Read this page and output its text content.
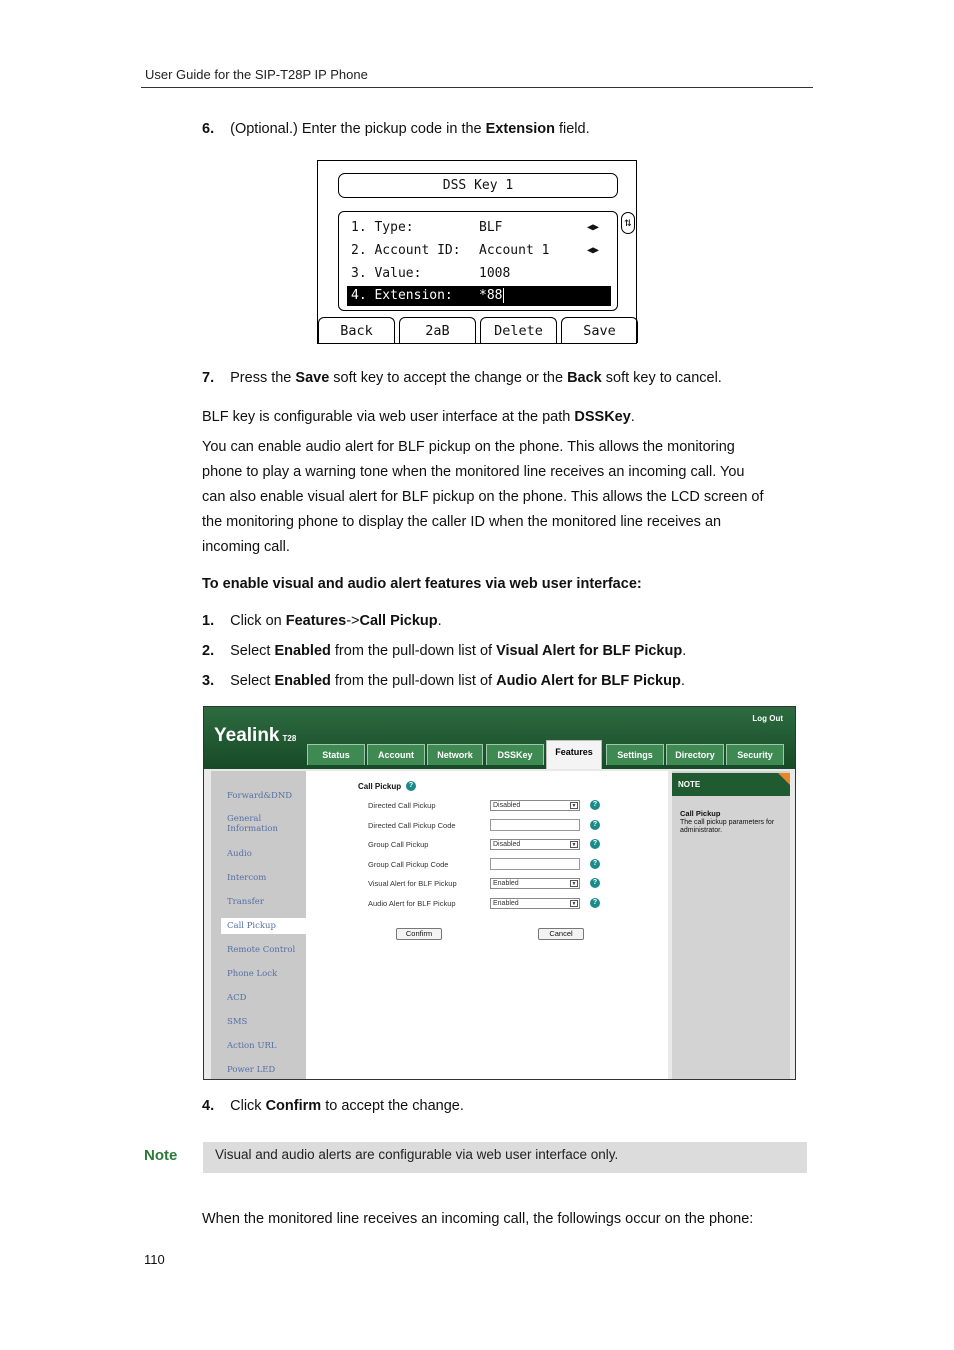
User Guide for the SIP-T28P IP Phone
6. (Optional.) Enter the pickup code in the Extension field.
DSS Key 1
1. Type:	BLF	◀▶
2. Account ID: Account 1	◀▶
3. Value:	1008
4. Extension: *88
⇅
Back	2aB	Delete	Save
7. Press the Save soft key to accept the change or the Back soft key to cancel.
BLF key is configurable via web user interface at the path DSSKey.
You can enable audio alert for BLF pickup on the phone. This allows the monitoring
phone to play a warning tone when the monitored line receives an incoming call. You
can also enable visual alert for BLF pickup on the phone. This allows the LCD screen of
the monitoring phone to display the caller ID when the monitored line receives an
incoming call.
To enable visual and audio alert features via web user interface:
1. Click on Features->Call Pickup.
2. Select Enabled from the pull-down list of Visual Alert for BLF Pickup.
3. Select Enabled from the pull-down list of Audio Alert for BLF Pickup.
Yealink T28
Log Out
Status	Account	Network	DSSKey	Features	Settings	Directory	Security
Forward&DND
General Information
Audio
Intercom
Transfer
Call Pickup
Remote Control
Phone Lock
ACD
SMS
Action URL
Power LED
Call Pickup	?
Directed Call Pickup	Disabled	▼	?
Directed Call Pickup Code	?
Group Call Pickup	Disabled	▼	?
Group Call Pickup Code	?
Visual Alert for BLF Pickup	Enabled	▼	?
Audio Alert for BLF Pickup	Enabled	▼	?
Confirm	Cancel
NOTE
Call Pickup
The call pickup parameters for administrator.
4. Click Confirm to accept the change.
Note	Visual and audio alerts are configurable via web user interface only.
When the monitored line receives an incoming call, the followings occur on the phone:
110
